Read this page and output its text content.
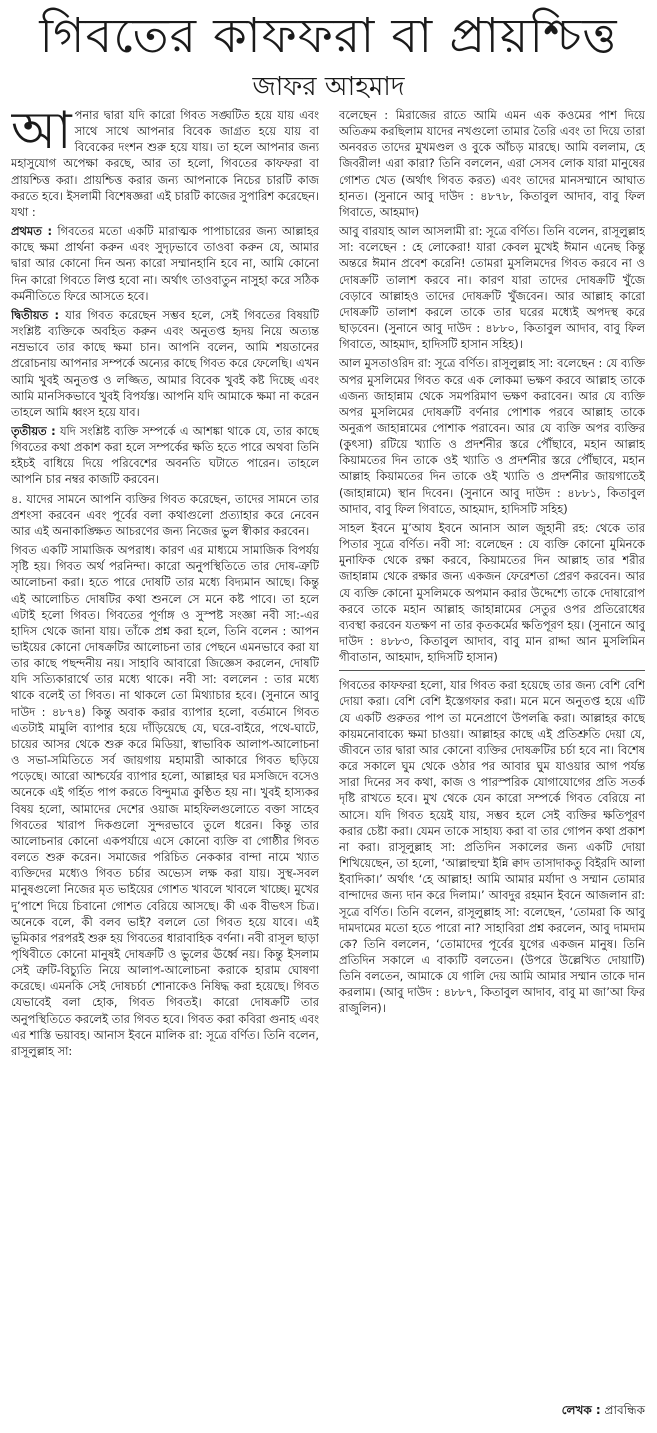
গিবতের কাফফরা বা প্রায়শ্চিত্ত
জাফর আহমাদ

আপনার দ্বারা যদি কারো গিবত সঙ্ঘটিত হয়ে যায় এবং সাথে সাথে আপনার বিবেক জাগ্রত হয়ে যায় বা বিবেকের দংশন শুরু হয়ে যায়। তা হলে আপনার জন্য মহাসুযোগ অপেক্ষা করছে, আর তা হলো, গিবতের কাফফরা বা প্রায়শ্চিত্ত করা। প্রায়শ্চিত্ত করার জন্য আপনাকে নিচের চারটি কাজ করতে হবে। ইসলামী বিশেষজ্ঞরা এই চারটি কাজের সুপারিশ করেছেন। যথা :

প্রথমত : গিবতের মতো একটি মারাত্মক পাপাচারের জন্য আল্লাহর কাছে ক্ষমা প্রার্থনা করুন এবং সুদৃঢ়ভাবে তাওবা করুন যে, আমার দ্বারা আর কোনো দিন অন্য কারো সম্মানহানি হবে না, আমি কোনো দিন কারো গিবতে লিপ্ত হবো না। অর্থাৎ তাওবাতুন নাসুহা করে সঠিক কর্মনীতিতে ফিরে আসতে হবে।

দ্বিতীয়ত : যার গিবত করেছেন সম্ভব হলে, সেই গিবতের বিষয়টি সংশ্লিষ্ট ব্যক্তিকে অবহিত করুন এবং অনুতপ্ত হৃদয় নিয়ে অত্যন্ত নম্রভাবে তার কাছে ক্ষমা চান। আপনি বলেন, আমি শয়তানের প্ররোচনায় আপনার সম্পর্কে অন্যের কাছে গিবত করে ফেলেছি। এখন আমি খুবই অনুতপ্ত ও লজ্জিত, আমার বিবেক খুবই কষ্ট দিচ্ছে এবং আমি মানসিকভাবে খুবই বিপর্যস্ত। আপনি যদি আমাকে ক্ষমা না করেন তাহলে আমি ধ্বংস হয়ে যাব।

তৃতীয়ত : যদি সংশ্লিষ্ট ব্যক্তি সম্পর্কে এ আশঙ্কা থাকে যে, তার কাছে গিবতের কথা প্রকাশ করা হলে সম্পর্কের ক্ষতি হতে পারে অথবা তিনি হইচই বাধিয়ে দিয়ে পরিবেশের অবনতি ঘটাতে পারেন। তাহলে আপনি চার নম্বর কাজটি করবেন।

৪. যাদের সামনে আপনি ব্যক্তির গিবত করেছেন, তাদের সামনে তার প্রশংসা করবেন এবং পূর্বের বলা কথাগুলো প্রত্যাহার করে নেবেন আর এই অনাকাঙ্ক্ষিত আচরণের জন্য নিজের ভুল স্বীকার করবেন।

গিবত একটি সামাজিক অপরাধ। কারণ এর মাধ্যমে সামাজিক বিপর্যয় সৃষ্টি হয়। গিবত অর্থ পরনিন্দা। কারো অনুপস্থিতিতে তার দোষ-ত্রুটি আলোচনা করা। হতে পারে দোষটি তার মধ্যে বিদ্যমান আছে। কিন্তু এই আলোচিত দোষটির কথা শুনলে সে মনে কষ্ট পাবে। তা হলে এটাই হলো গিবত। গিবতের পূর্ণাঙ্গ ও সুস্পষ্ট সংজ্ঞা নবী সা:-এর হাদিস থেকে জানা যায়। তাঁকে প্রশ্ন করা হলে, তিনি বলেন : আপন ভাইয়ের কোনো দোষক্রটির আলোচনা তার পেছনে এমনভাবে করা যা তার কাছে পছন্দনীয় নয়। সাহাবি আবারো জিজ্ঞেস করলেন, দোষটি যদি সত্যিকারার্থে তার মধ্যে থাকে। নবী সা: বললেন : তার মধ্যে থাকে বলেই তা গিবত। না থাকলে তো মিথ্যাচার হবে। (সুনানে আবু দাউদ : ৪৮৭৪) কিন্তু অবাক করার ব্যাপার হলো, বর্তমানে গিবত এতটাই মামুলি ব্যাপার হয়ে দাঁড়িয়েছে যে, ঘরে-বাইরে, পথে-ঘাটে, চায়ের আসর থেকে শুরু করে মিডিয়া, স্বাভাবিক আলাপ-আলোচনা ও সভা-সমিতিতে সর্ব জায়গায় মহামারী আকারে গিবত ছড়িয়ে পড়েছে। আরো আশ্চর্যের ব্যাপার হলো, আল্লাহর ঘর মসজিদে বসেও অনেকে এই গর্হিত পাপ করতে বিন্দুমাত্র কুণ্ঠিত হয় না। খুবই হাস্যকর বিষয় হলো, আমাদের দেশের ওয়াজ মাহফিলগুলোতে বক্তা সাহেব গিবতের খারাপ দিকগুলো সুন্দরভাবে তুলে ধরেন। কিন্তু তার আলোচনার কোনো একপর্যায়ে এসে কোনো ব্যক্তি বা গোষ্ঠীর গিবত বলতে শুরু করেন। সমাজের পরিচিত নেককার বান্দা নামে খ্যাত ব্যক্তিদের মধ্যেও গিবত চর্চার অভ্যেস লক্ষ করা যায়। সুস্থ-সবল মানুষগুলো নিজের মৃত ভাইয়ের গোশত খাবলে খাবলে খাচ্ছে। মুখের দু’পাশে দিয়ে চিবানো গোশত বেরিয়ে আসছে। কী এক বীভৎস চিত্র। অনেকে বলে, কী বলব ভাই? বললে তো গিবত হয়ে যাবে। এই ভূমিকার পরপরই শুরু হয় গিবতের ধারাবাহিক বর্ণনা। নবী রাসূল ছাড়া পৃথিবীতে কোনো মানুষই দোষক্রটি ও ভুলের ঊর্ধ্বে নয়। কিন্তু ইসলাম সেই ত্রুটি-বিচ্যুতি নিয়ে আলাপ-আলোচনা করাকে হারাম ঘোষণা করেছে। এমনকি সেই দোষচর্চা শোনাকেও নিষিদ্ধ করা হয়েছে। গিবত যেভাবেই বলা হোক, গিবত গিবতই। কারো দোষক্রটি তার অনুপস্থিতিতে করলেই তার গিবত হবে। গিবত করা কবিরা গুনাহ এবং এর শাস্তি ভয়াবহ। আনাস ইবনে মালিক রা: সূত্রে বর্ণিত। তিনি বলেন, রাসূলুল্লাহ সা:

বলেছেন : মিরাজের রাতে আমি এমন এক কওমের পাশ দিয়ে অতিক্রম করছিলাম যাদের নখগুলো তামার তৈরি এবং তা দিয়ে তারা অনবরত তাদের মুখমণ্ডল ও বুকে আঁচড় মারছে। আমি বললাম, হে জিবরীল! এরা কারা? তিনি বললেন, এরা সেসব লোক যারা মানুষের গোশত খেত (অর্থাৎ গিবত করত) এবং তাদের মানসম্মানে আঘাত হানত। (সুনানে আবু দাউদ : ৪৮৭৮, কিতাবুল আদাব, বাবু ফিল গিবাতে, আহমাদ)

আবু বারযাহ আল আসলামী রা: সূত্রে বর্ণিত। তিনি বলেন, রাসূলুল্লাহ সা: বলেছেন : হে লোকেরা! যারা কেবল মুখেই ঈমান এনেছ কিন্তু অন্তরে ঈমান প্রবেশ করেনি! তোমরা মুসলিমদের গিবত করবে না ও দোষক্রটি তালাশ করবে না। কারণ যারা তাদের দোষক্রটি খুঁজে বেড়াবে আল্লাহও তাদের দোষক্রটি খুঁজবেন। আর আল্লাহ কারো দোষক্রটি তালাশ করলে তাকে তার ঘরের মধ্যেই অপদস্থ করে ছাড়বেন। (সুনানে আবু দাউদ : ৪৮৮০, কিতাবুল আদাব, বাবু ফিল গিবাতে, আহমাদ, হাদিসটি হাসান সহিহ)।

আল মুসতাওরিদ রা: সূত্রে বর্ণিত। রাসূলুল্লাহ সা: বলেছেন : যে ব্যক্তি অপর মুসলিমের গিবত করে এক লোকমা ভক্ষণ করবে আল্লাহ তাকে এজন্য জাহান্নাম থেকে সমপরিমাণ ভক্ষণ করাবেন। আর যে ব্যক্তি অপর মুসলিমের দোষক্রটি বর্ণনার পোশাক পরবে আল্লাহ তাকে অনুরূপ জাহান্নামের পোশাক পরাবেন। আর যে ব্যক্তি অপর ব্যক্তির (কুৎসা) রটিয়ে খ্যাতি ও প্রদর্শনীর স্তরে পৌঁছাবে, মহান আল্লাহ কিয়ামতের দিন তাকে ওই খ্যাতি ও প্রদর্শনীর স্তরে পৌঁছাবে, মহান আল্লাহ কিয়ামতের দিন তাকে ওই খ্যাতি ও প্রদর্শনীর জায়গাতেই (জাহান্নামে) স্থান দিবেন। (সুনানে আবু দাউদ : ৪৮৮১, কিতাবুল আদাব, বাবু ফিল গিবাতে, আহমাদ, হাদিসটি সহিহ)

সাহল ইবনে মু’আয ইবনে আনাস আল জুহানী রহ: থেকে তার পিতার সূত্রে বর্ণিত। নবী সা: বলেছেন : যে ব্যক্তি কোনো মুমিনকে মুনাফিক থেকে রক্ষা করবে, কিয়ামতের দিন আল্লাহ তার শরীর জাহান্নাম থেকে রক্ষার জন্য একজন ফেরেশতা প্রেরণ করবেন। আর যে ব্যক্তি কোনো মুসলিমকে অপমান করার উদ্দেশ্যে তাকে দোষারোপ করবে তাকে মহান আল্লাহ জাহান্নামের সেতুর ওপর প্রতিরোধের ব্যবস্থা করবেন যতক্ষণ না তার কৃতকর্মের ক্ষতিপূরণ হয়। (সুনানে আবু দাউদ : ৪৮৮৩, কিতাবুল আদাব, বাবু মান রাদ্দা আন মুসলিমিন গীবাতান, আহমাদ, হাদিসটি হাসান)

গিবতের কাফফরা হলো, যার গিবত করা হয়েছে তার জন্য বেশি বেশি দোয়া করা। বেশি বেশি ইস্তেগফার করা। মনে মনে অনুতপ্ত হয়ে এটি যে একটি গুরুতর পাপ তা মনেপ্রাণে উপলব্ধি করা। আল্লাহর কাছে কায়মনোবাক্যে ক্ষমা চাওয়া। আল্লাহর কাছে এই প্রতিশ্রুতি দেয়া যে, জীবনে তার দ্বারা আর কোনো ব্যক্তির দোষক্রটির চর্চা হবে না। বিশেষ করে সকালে ঘুম থেকে ওঠার পর আবার ঘুম যাওয়ার আগ পর্যন্ত সারা দিনের সব কথা, কাজ ও পারস্পরিক যোগাযোগের প্রতি সতর্ক দৃষ্টি রাখতে হবে। মুখ থেকে যেন কারো সম্পর্কে গিবত বেরিয়ে না আসে। যদি গিবত হয়েই যায়, সম্ভব হলে সেই ব্যক্তির ক্ষতিপূরণ করার চেষ্টা করা। যেমন তাকে সাহায্য করা বা তার গোপন কথা প্রকাশ না করা। রাসূলুল্লাহ সা: প্রতিদিন সকালের জন্য একটি দোয়া শিখিয়েছেন, তা হলো, ‘আল্লাহুম্মা ইন্নি ক্বাদ তাসাদাকতু বিইরদি আলা ইবাদিকা।’ অর্থাৎ ‘হে আল্লাহ! আমি আমার মর্যাদা ও সম্মান তোমার বান্দাদের জন্য দান করে দিলাম।’ আবদুর রহমান ইবনে আজলান রা: সূত্রে বর্ণিত। তিনি বলেন, রাসূলুল্লাহ সা: বলেছেন, ‘তোমরা কি আবু দামদামের মতো হতে পারো না? সাহাবিরা প্রশ্ন করলেন, আবু দামদাম কে? তিনি বললেন, ‘তোমাদের পূর্বের যুগের একজন মানুষ। তিনি প্রতিদিন সকালে এ বাক্যটি বলতেন। (উপরে উল্লেখিত দোয়াটি) তিনি বলতেন, আমাকে যে গালি দেয় আমি আমার সম্মান তাকে দান করলাম। (আবু দাউদ : ৪৮৮৭, কিতাবুল আদাব, বাবু মা জা’আ ফির রাজুলিন)।

লেখক : প্রাবন্ধিক
